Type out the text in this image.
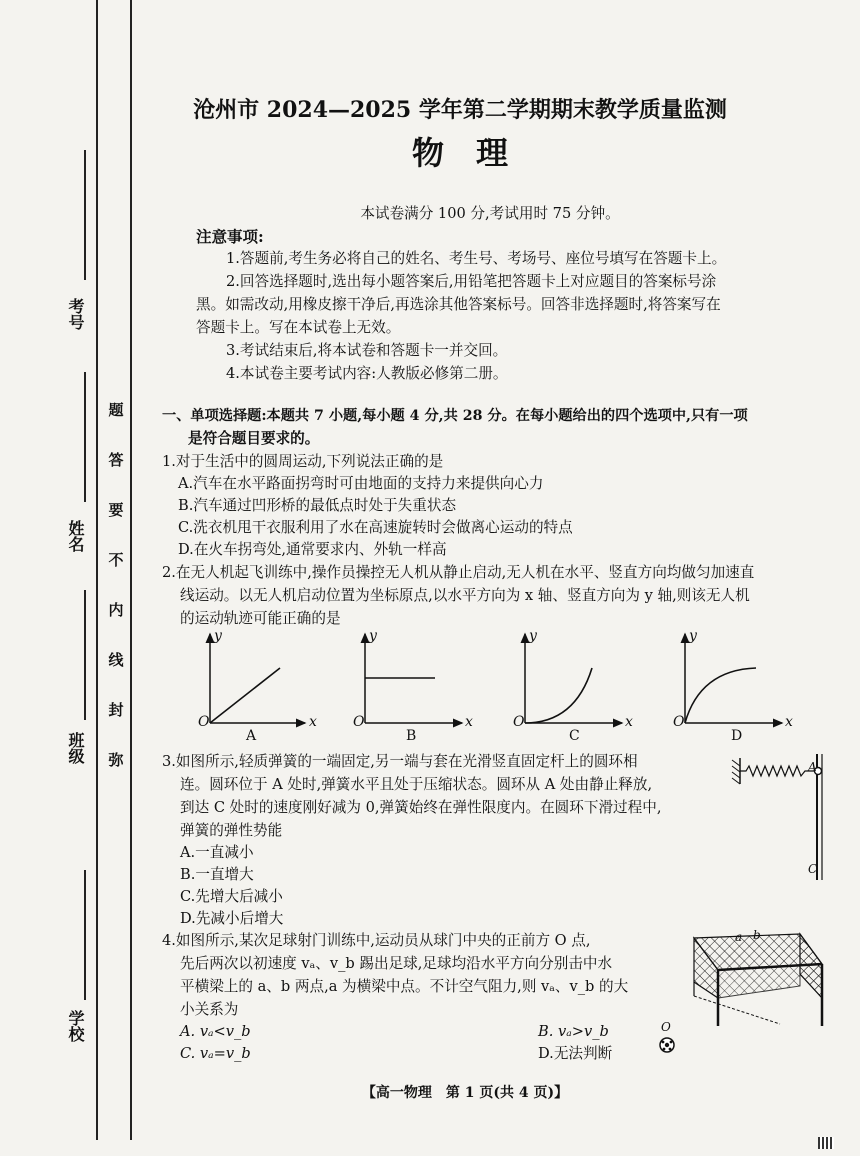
考号
姓名
班级
学校
题
答
要
不
内
线
封
弥
沧州市 2024—2025 学年第二学期期末教学质量监测
物　理
本试卷满分 100 分,考试用时 75 分钟。

注意事项:

1.答题前,考生务必将自己的姓名、考生号、考场号、座位号填写在答题卡上。

2.回答选择题时,选出每小题答案后,用铅笔把答题卡上对应题目的答案标号涂

黑。如需改动,用橡皮擦干净后,再选涂其他答案标号。回答非选择题时,将答案写在

答题卡上。写在本试卷上无效。

3.考试结束后,将本试卷和答题卡一并交回。

4.本试卷主要考试内容:人教版必修第二册。

一、单项选择题:本题共 7 小题,每小题 4 分,共 28 分。在每小题给出的四个选项中,只有一项

是符合题目要求的。

1.对于生活中的圆周运动,下列说法正确的是

A.汽车在水平路面拐弯时可由地面的支持力来提供向心力

B.汽车通过凹形桥的最低点时处于失重状态

C.洗衣机甩干衣服利用了水在高速旋转时会做离心运动的特点

D.在火车拐弯处,通常要求内、外轨一样高

2.在无人机起飞训练中,操作员操控无人机从静止启动,无人机在水平、竖直方向均做匀加速直

线运动。以无人机启动位置为坐标原点,以水平方向为 x 轴、竖直方向为 y 轴,则该无人机

的运动轨迹可能正确的是

y
O	x
A
y
O	x
B
y
O	x
C
y
O	x
D

3.如图所示,轻质弹簧的一端固定,另一端与套在光滑竖直固定杆上的圆环相

连。圆环位于 A 处时,弹簧水平且处于压缩状态。圆环从 A 处由静止释放,

到达 C 处时的速度刚好减为 0,弹簧始终在弹性限度内。在圆环下滑过程中,

弹簧的弹性势能

A.一直减小

B.一直增大

C.先增大后减小

D.先减小后增大

A
C

4.如图所示,某次足球射门训练中,运动员从球门中央的正前方 O 点,

先后两次以初速度 vₐ、v_b 踢出足球,足球均沿水平方向分别击中水

平横梁上的 a、b 两点,a 为横梁中点。不计空气阻力,则 vₐ、v_b 的大

小关系为

A. vₐ<v_b	B. vₐ>v_b

C. vₐ=v_b	D.无法判断

a b
O
【高一物理　第 1 页(共 4 页)】
